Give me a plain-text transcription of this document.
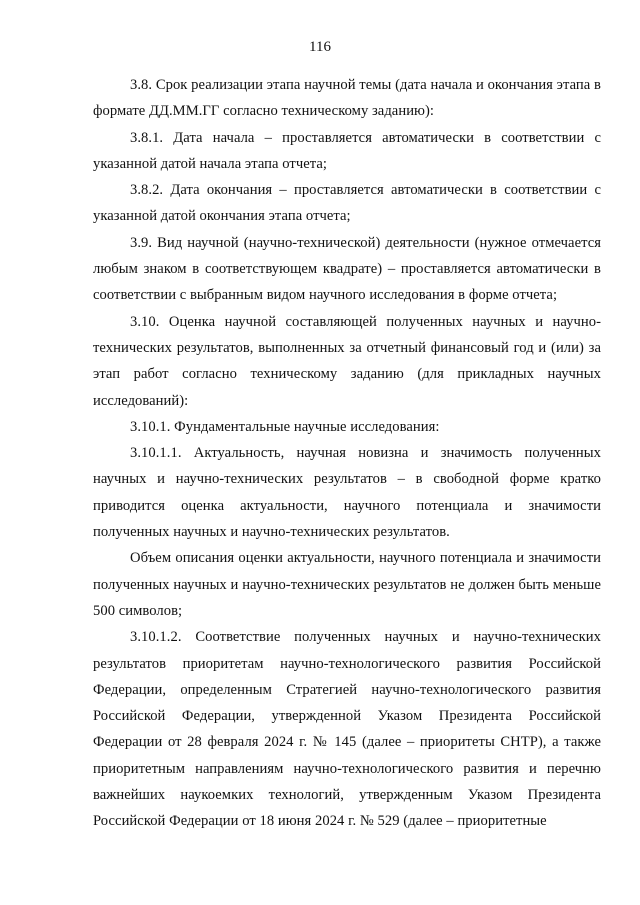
116

3.8. Срок реализации этапа научной темы (дата начала и окончания этапа в формате ДД.ММ.ГГ согласно техническому заданию):

3.8.1. Дата начала – проставляется автоматически в соответствии с указанной датой начала этапа отчета;

3.8.2. Дата окончания – проставляется автоматически в соответствии с указанной датой окончания этапа отчета;

3.9. Вид научной (научно-технической) деятельности (нужное отмечается любым знаком в соответствующем квадрате) – проставляется автоматически в соответствии с выбранным видом научного исследования в форме отчета;

3.10. Оценка научной составляющей полученных научных и научно-технических результатов, выполненных за отчетный финансовый год и (или) за этап работ согласно техническому заданию (для прикладных научных исследований):

3.10.1. Фундаментальные научные исследования:

3.10.1.1. Актуальность, научная новизна и значимость полученных научных и научно-технических результатов – в свободной форме кратко приводится оценка актуальности, научного потенциала и значимости полученных научных и научно-технических результатов.

Объем описания оценки актуальности, научного потенциала и значимости полученных научных и научно-технических результатов не должен быть меньше 500 символов;

3.10.1.2. Соответствие полученных научных и научно-технических результатов приоритетам научно-технологического развития Российской Федерации, определенным Стратегией научно-технологического развития Российской Федерации, утвержденной Указом Президента Российской Федерации от 28 февраля 2024 г. № 145 (далее – приоритеты СНТР), а также приоритетным направлениям научно-технологического развития и перечню важнейших наукоемких технологий, утвержденным Указом Президента Российской Федерации от 18 июня 2024 г. № 529 (далее – приоритетные
